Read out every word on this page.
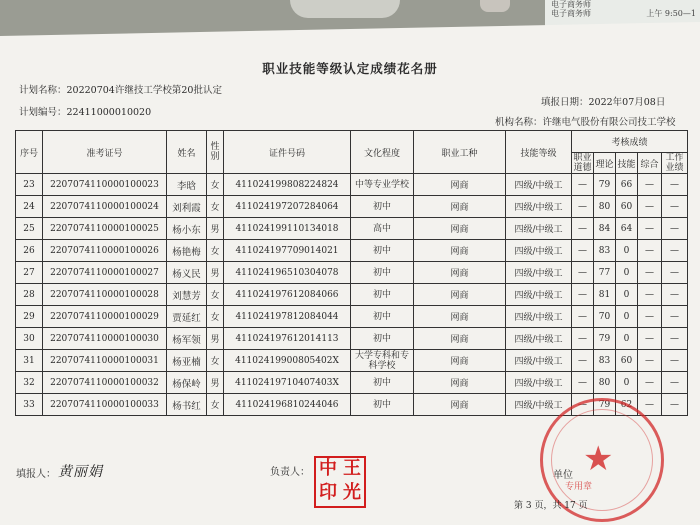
电子商务师
电子商务师	上午 9:50—1
职业技能等级认定成绩花名册
计划名称：20220704许继技工学校第20批认定
填报日期：2022年07月08日
计划编号：22411000010020
机构名称：许继电气股份有限公司技工学校
序号	准考证号	姓名	性别	证件号码	文化程度	职业工种	技能等级	考核成绩				
								职业道德	理论	技能	综合	工作业绩
23	2207074110000100023	李晗	女	411024199808224824	中等专业学校	网商	四级/中级工	—	79	66	—	—
24	2207074110000100024	刘利霞	女	411024197207284064	初中	网商	四级/中级工	—	80	60	—	—
25	2207074110000100025	杨小东	男	411024199110134018	高中	网商	四级/中级工	—	84	64	—	—
26	2207074110000100026	杨艳梅	女	411024197709014021	初中	网商	四级/中级工	—	83	0	—	—
27	2207074110000100027	杨义民	男	411024196510304078	初中	网商	四级/中级工	—	77	0	—	—
28	2207074110000100028	刘慧芳	女	411024197612084066	初中	网商	四级/中级工	—	81	0	—	—
29	2207074110000100029	贾延红	女	411024197812084044	初中	网商	四级/中级工	—	70	0	—	—
30	2207074110000100030	杨军领	男	411024197612014113	初中	网商	四级/中级工	—	79	0	—	—
31	2207074110000100031	杨亚楠	女	41102419900805402X	大学专科和专科学校	网商	四级/中级工	—	83	60	—	—
32	2207074110000100032	杨保岭	男	41102419710407403X	初中	网商	四级/中级工	—	80	0	—	—
33	2207074110000100033	杨书红	女	411024196810244046	初中	网商	四级/中级工	—	79	62	—	—
填报人： 黄丽娟	负责人： 中 王
印 光
单位 ★
专用章
第 3 页，共 17 页
